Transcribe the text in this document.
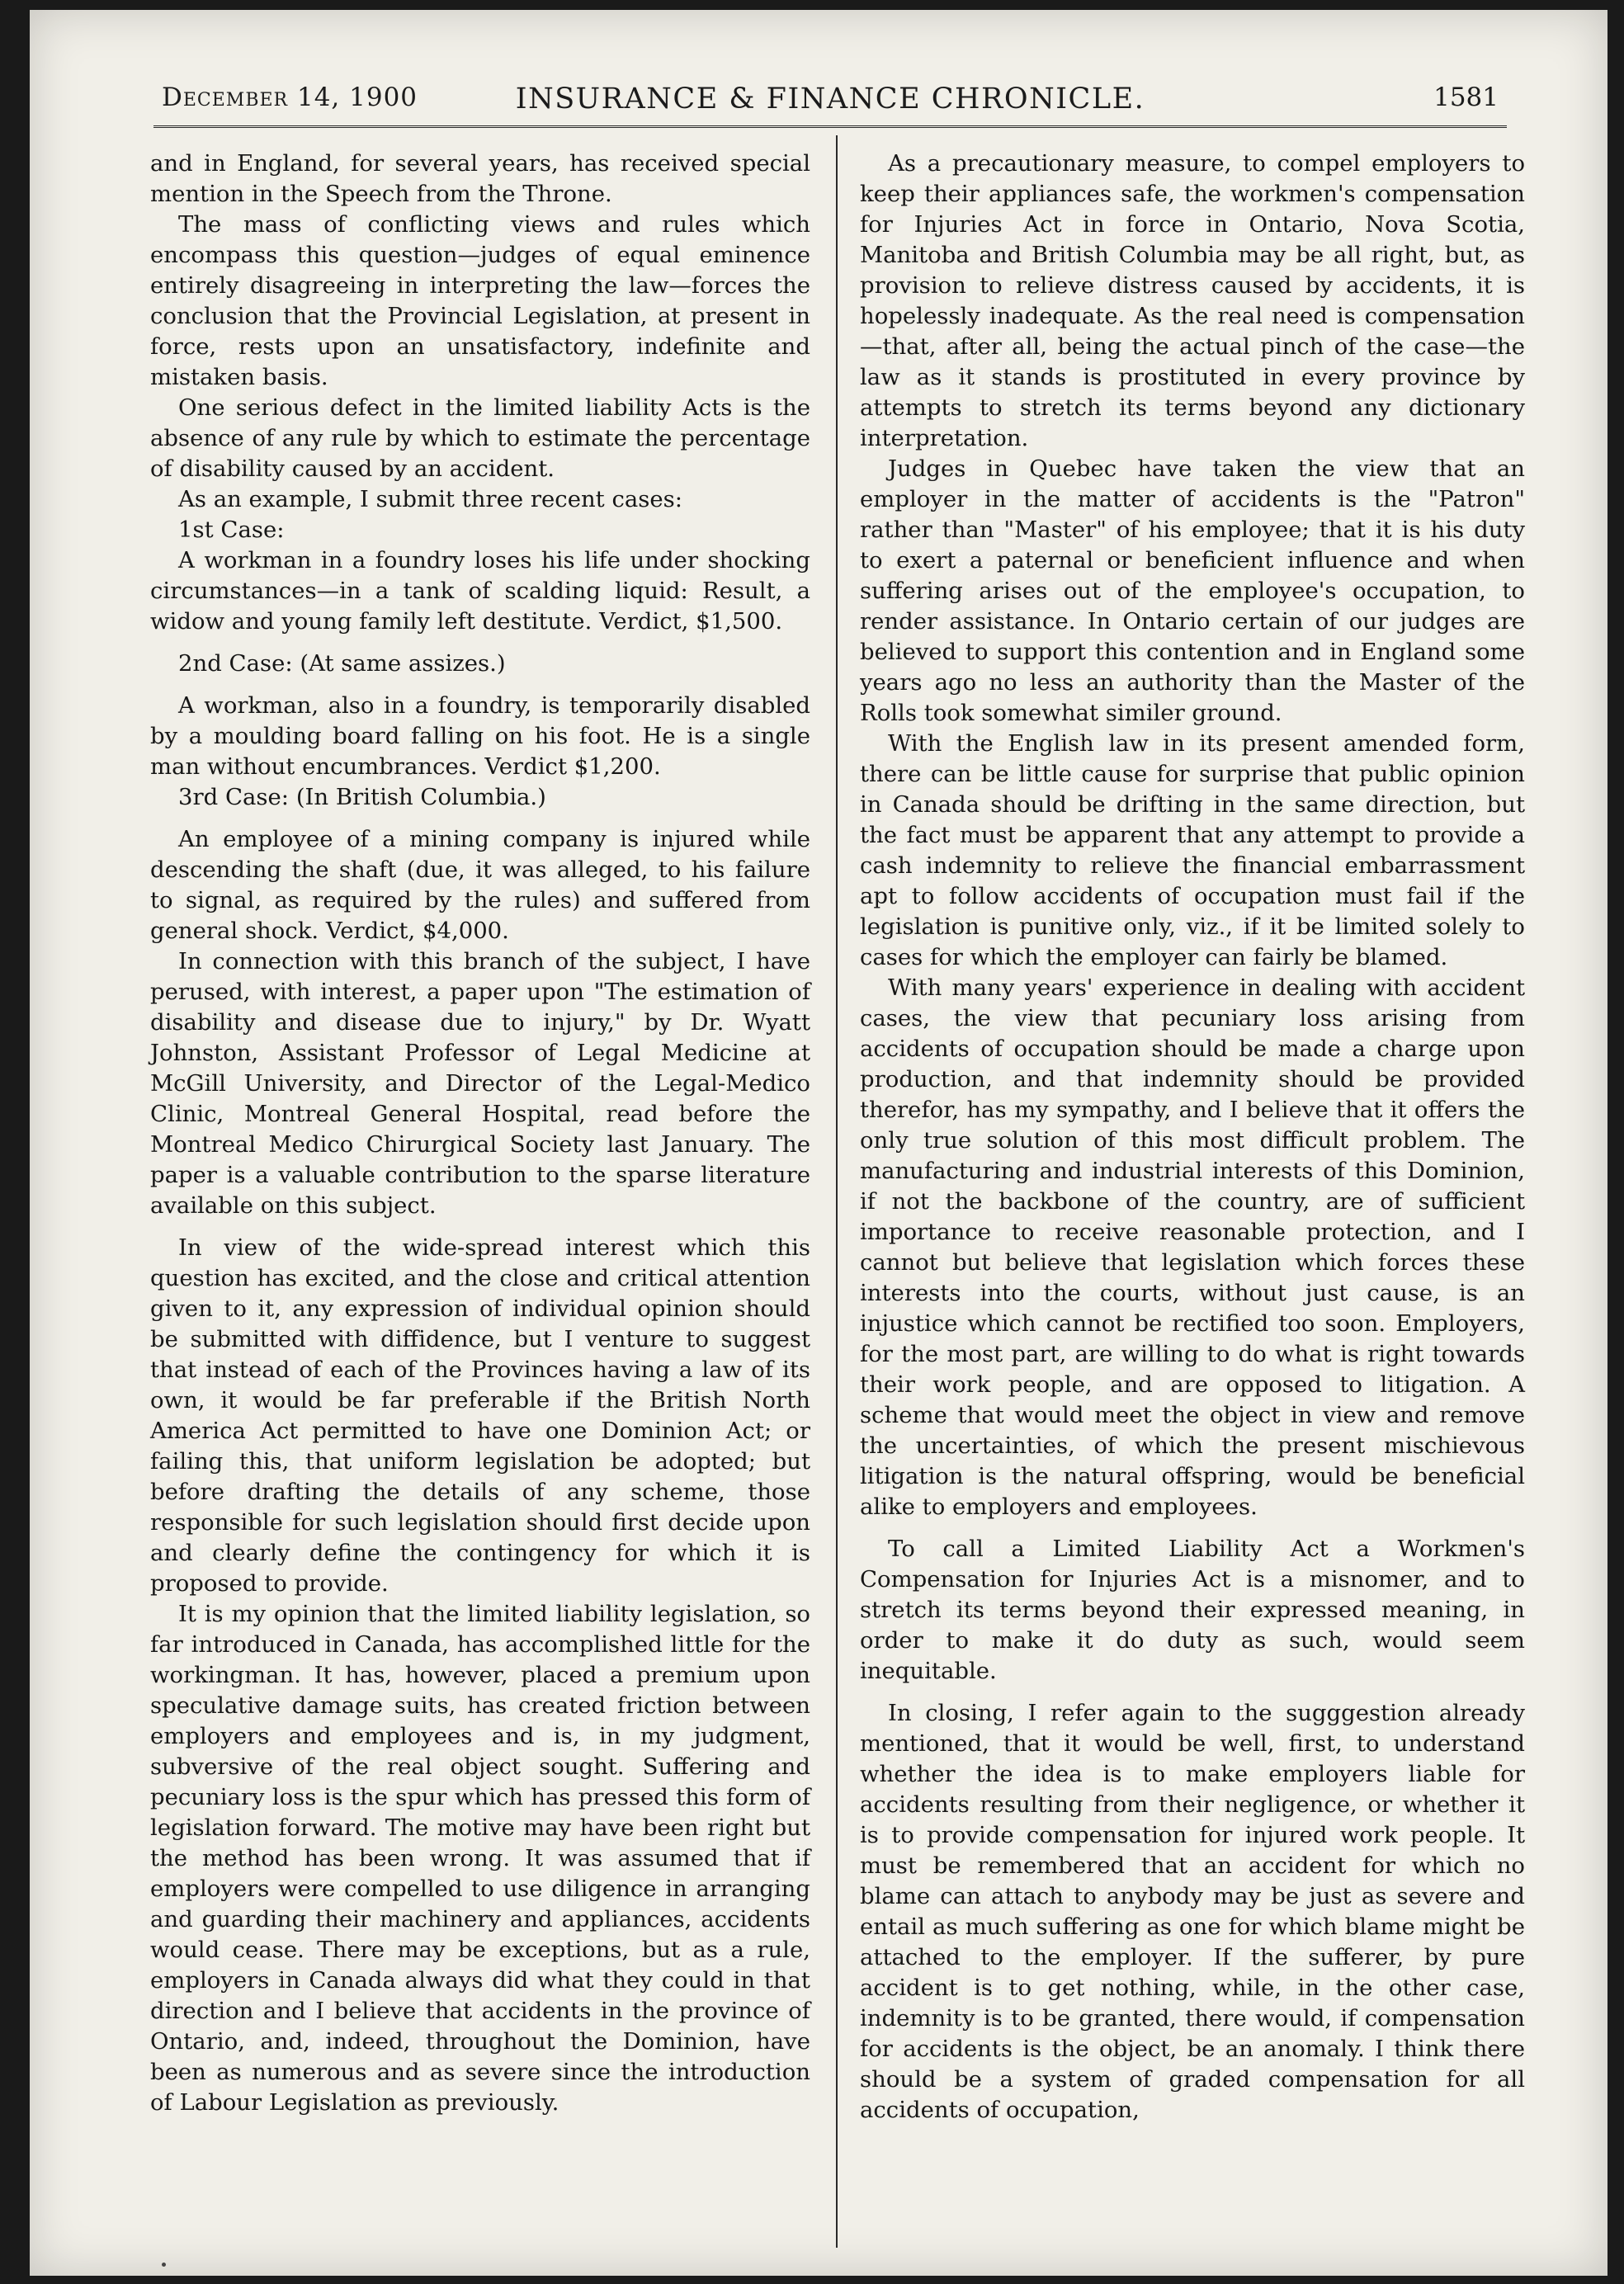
December 14, 1900	INSURANCE & FINANCE CHRONICLE.	1581

and in England, for several years, has received special mention in the Speech from the Throne.

The mass of conflicting views and rules which encompass this question—judges of equal eminence entirely disagreeing in interpreting the law—forces the conclusion that the Provincial Legislation, at present in force, rests upon an unsatisfactory, indefinite and mistaken basis.

One serious defect in the limited liability Acts is the absence of any rule by which to estimate the percentage of disability caused by an accident.

As an example, I submit three recent cases:

1st Case:

A workman in a foundry loses his life under shocking circumstances—in a tank of scalding liquid: Result, a widow and young family left destitute. Verdict, $1,500.

2nd Case: (At same assizes.)

A workman, also in a foundry, is temporarily disabled by a moulding board falling on his foot. He is a single man without encumbrances. Verdict $1,200.

3rd Case: (In British Columbia.)

An employee of a mining company is injured while descending the shaft (due, it was alleged, to his failure to signal, as required by the rules) and suffered from general shock. Verdict, $4,000.

In connection with this branch of the subject, I have perused, with interest, a paper upon "The estimation of disability and disease due to injury," by Dr. Wyatt Johnston, Assistant Professor of Legal Medicine at McGill University, and Director of the Legal-Medico Clinic, Montreal General Hospital, read before the Montreal Medico Chirurgical Society last January. The paper is a valuable contribution to the sparse literature available on this subject.

In view of the wide-spread interest which this question has excited, and the close and critical attention given to it, any expression of individual opinion should be submitted with diffidence, but I venture to suggest that instead of each of the Provinces having a law of its own, it would be far preferable if the British North America Act permitted to have one Dominion Act; or failing this, that uniform legislation be adopted; but before drafting the details of any scheme, those responsible for such legislation should first decide upon and clearly define the contingency for which it is proposed to provide.

It is my opinion that the limited liability legislation, so far introduced in Canada, has accomplished little for the workingman. It has, however, placed a premium upon speculative damage suits, has created friction between employers and employees and is, in my judgment, subversive of the real object sought. Suffering and pecuniary loss is the spur which has pressed this form of legislation forward. The motive may have been right but the method has been wrong. It was assumed that if employers were compelled to use diligence in arranging and guarding their machinery and appliances, accidents would cease. There may be exceptions, but as a rule, employers in Canada always did what they could in that direction and I believe that accidents in the province of Ontario, and, indeed, throughout the Dominion, have been as numerous and as severe since the introduction of Labour Legislation as previously.

As a precautionary measure, to compel employers to keep their appliances safe, the workmen's compensation for Injuries Act in force in Ontario, Nova Scotia, Manitoba and British Columbia may be all right, but, as provision to relieve distress caused by accidents, it is hopelessly inadequate. As the real need is compensation—that, after all, being the actual pinch of the case—the law as it stands is prostituted in every province by attempts to stretch its terms beyond any dictionary interpretation.

Judges in Quebec have taken the view that an employer in the matter of accidents is the "Patron" rather than "Master" of his employee; that it is his duty to exert a paternal or beneficient influence and when suffering arises out of the employee's occupation, to render assistance. In Ontario certain of our judges are believed to support this contention and in England some years ago no less an authority than the Master of the Rolls took somewhat similer ground.

With the English law in its present amended form, there can be little cause for surprise that public opinion in Canada should be drifting in the same direction, but the fact must be apparent that any attempt to provide a cash indemnity to relieve the financial embarrassment apt to follow accidents of occupation must fail if the legislation is punitive only, viz., if it be limited solely to cases for which the employer can fairly be blamed.

With many years' experience in dealing with accident cases, the view that pecuniary loss arising from accidents of occupation should be made a charge upon production, and that indemnity should be provided therefor, has my sympathy, and I believe that it offers the only true solution of this most difficult problem. The manufacturing and industrial interests of this Dominion, if not the backbone of the country, are of sufficient importance to receive reasonable protection, and I cannot but believe that legislation which forces these interests into the courts, without just cause, is an injustice which cannot be rectified too soon. Employers, for the most part, are willing to do what is right towards their work people, and are opposed to litigation. A scheme that would meet the object in view and remove the uncertainties, of which the present mischievous litigation is the natural offspring, would be beneficial alike to employers and employees.

To call a Limited Liability Act a Workmen's Compensation for Injuries Act is a misnomer, and to stretch its terms beyond their expressed meaning, in order to make it do duty as such, would seem inequitable.

In closing, I refer again to the sugggestion already mentioned, that it would be well, first, to understand whether the idea is to make employers liable for accidents resulting from their negligence, or whether it is to provide compensation for injured work people. It must be remembered that an accident for which no blame can attach to anybody may be just as severe and entail as much suffering as one for which blame might be attached to the employer. If the sufferer, by pure accident is to get nothing, while, in the other case, indemnity is to be granted, there would, if compensation for accidents is the object, be an anomaly. I think there should be a system of graded compensation for all accidents of occupation,
